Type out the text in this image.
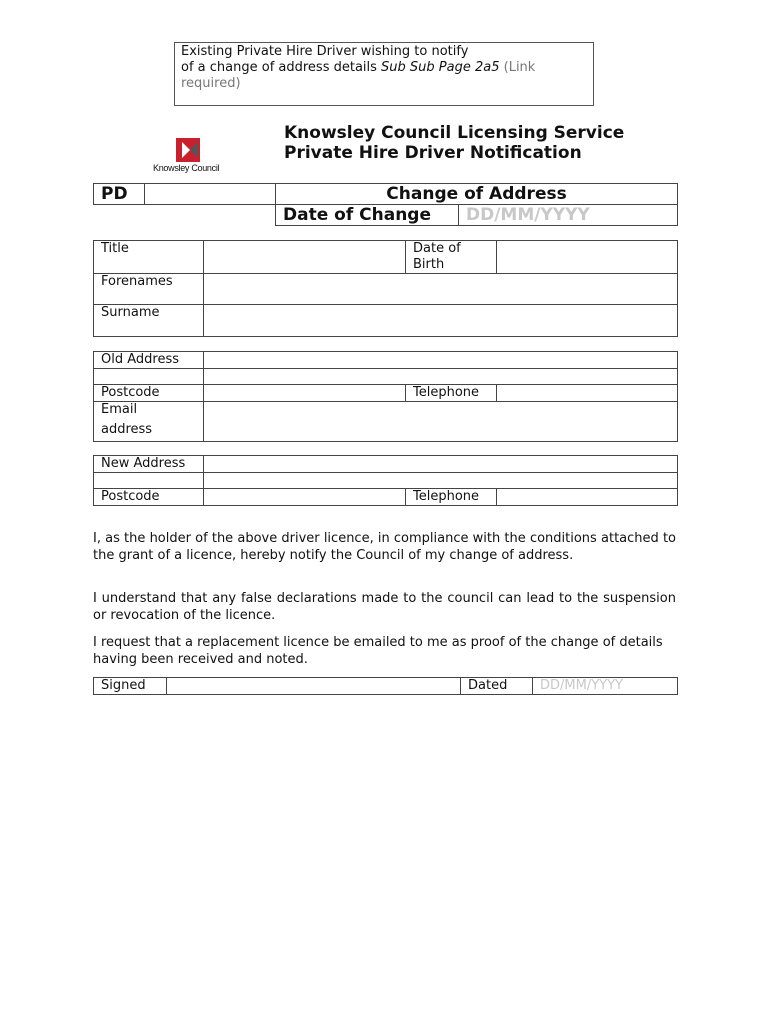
Existing Private Hire Driver wishing to notify
of a change of address details Sub Sub Page 2a5 (Link
required)
Knowsley Council
Knowsley Council Licensing Service
Private Hire Driver Notification
PD		Change of Address	
		Date of Change	DD/MM/YYYY
Title		Date of
Birth	

Forenames			
Surname			
Old Address			

Postcode		Telephone	

Email
address			

New Address			

Postcode		Telephone	
I, as the holder of the above driver licence, in compliance with the conditions attached to the grant of a licence, hereby notify the Council of my change of address.
I understand that any false declarations made to the council can lead to the suspension or revocation of the licence.
I request that a replacement licence be emailed to me as proof of the change of details having been received and noted.
Signed		Dated	DD/MM/YYYY
